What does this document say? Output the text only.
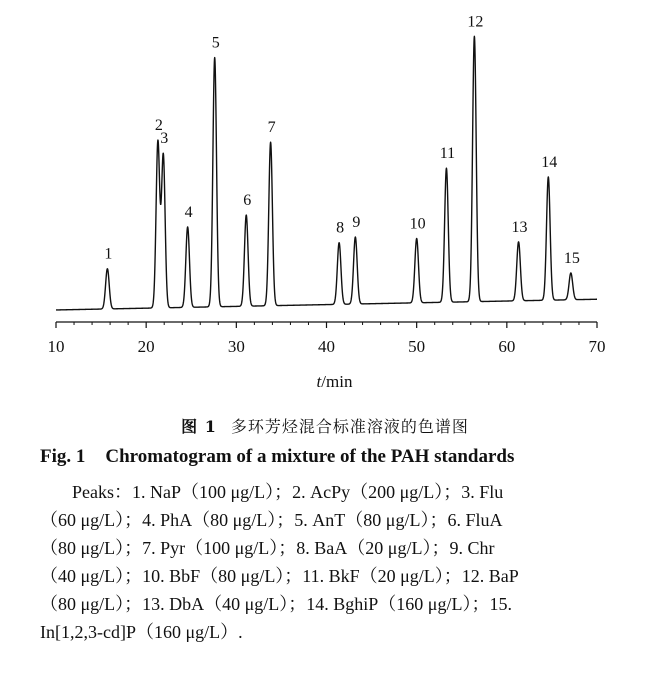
10	20	30	40	50	60	70
1
2
3
4
5
6
7
8 9	10
11
12
13
14
15
t/min
图 1 多环芳烃混合标准溶液的色谱图
Fig. 1 Chromatogram of a mixture of the PAH standards
Peaks：1. NaP（100 μg/L）；2. AcPy（200 μg/L）；3. Flu
（60 μg/L）；4. PhA（80 μg/L）；5. AnT（80 μg/L）；6. FluA
（80 μg/L）；7. Pyr（100 μg/L）；8. BaA（20 μg/L）；9. Chr
（40 μg/L）；10. BbF（80 μg/L）；11. BkF（20 μg/L）；12. BaP
（80 μg/L）；13. DbA（40 μg/L）；14. BghiP（160 μg/L）；15.
In[1,2,3-cd]P（160 μg/L）.
